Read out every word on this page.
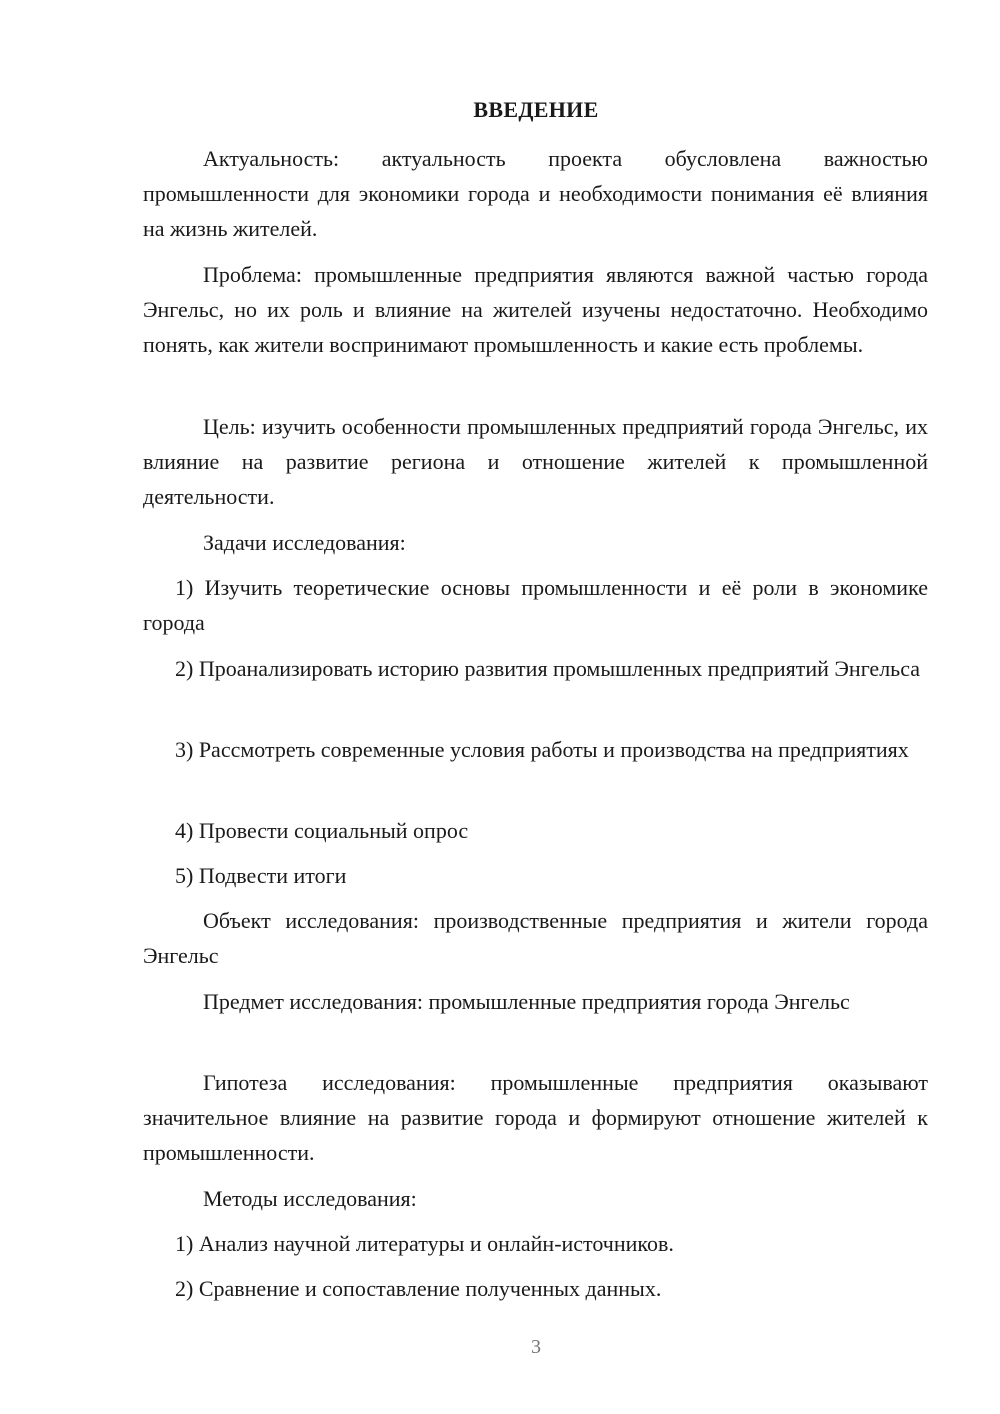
ВВЕДЕНИЕ
Актуальность: актуальность проекта обусловлена важностью промышленности для экономики города и необходимости понимания её влияния на жизнь жителей.
Проблема: промышленные предприятия являются важной частью города Энгельс, но их роль и влияние на жителей изучены недостаточно. Необходимо понять, как жители воспринимают промышленность и какие есть проблемы.
Цель: изучить особенности промышленных предприятий города Энгельс, их влияние на развитие региона и отношение жителей к промышленной деятельности.
Задачи исследования:
1) Изучить теоретические основы промышленности и её роли в экономике города
2) Проанализировать историю развития промышленных предприятий Энгельса
3) Рассмотреть современные условия работы и производства на предприятиях
4) Провести социальный опрос
5) Подвести итоги
Объект исследования: производственные предприятия и жители города Энгельс
Предмет исследования: промышленные предприятия города Энгельс
Гипотеза исследования: промышленные предприятия оказывают значительное влияние на развитие города и формируют отношение жителей к промышленности.
Методы исследования:
1) Анализ научной литературы и онлайн-источников.
2) Сравнение и сопоставление полученных данных.
3
